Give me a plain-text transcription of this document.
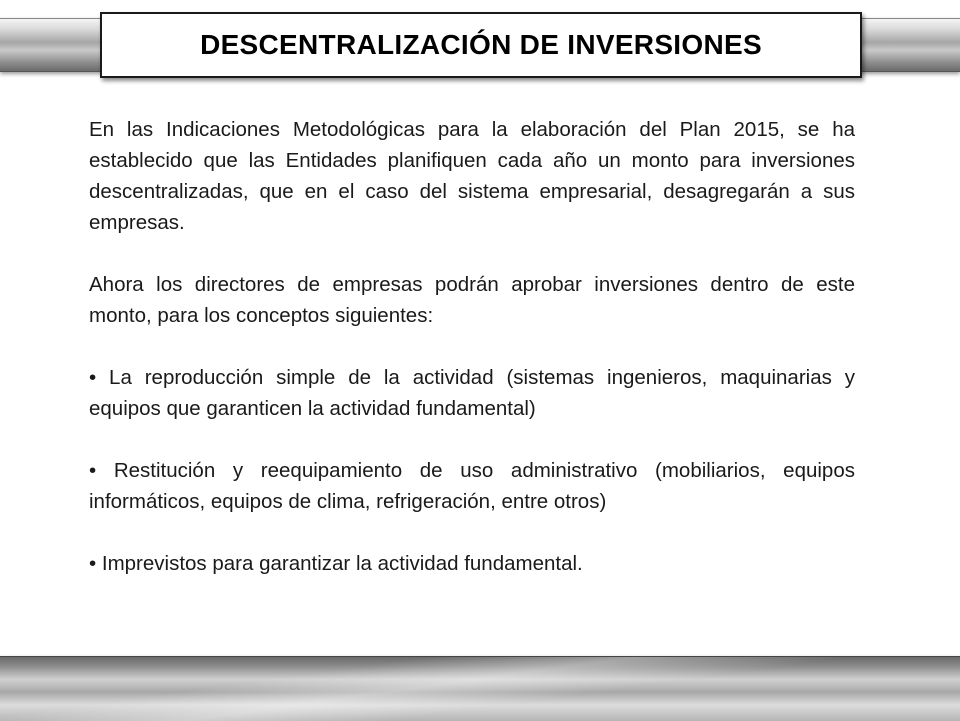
DESCENTRALIZACIÓN DE INVERSIONES

En las Indicaciones Metodológicas para la elaboración del Plan 2015, se ha establecido que las Entidades planifiquen cada año un monto para inversiones descentralizadas, que en el caso del sistema empresarial, desagregarán a sus empresas.

Ahora los directores de empresas podrán aprobar inversiones dentro de este monto, para los conceptos siguientes:

• La reproducción simple de la actividad (sistemas ingenieros, maquinarias y equipos que garanticen la actividad fundamental)

• Restitución y reequipamiento de uso administrativo (mobiliarios, equipos informáticos, equipos de clima, refrigeración, entre otros)

• Imprevistos para garantizar la actividad fundamental.
